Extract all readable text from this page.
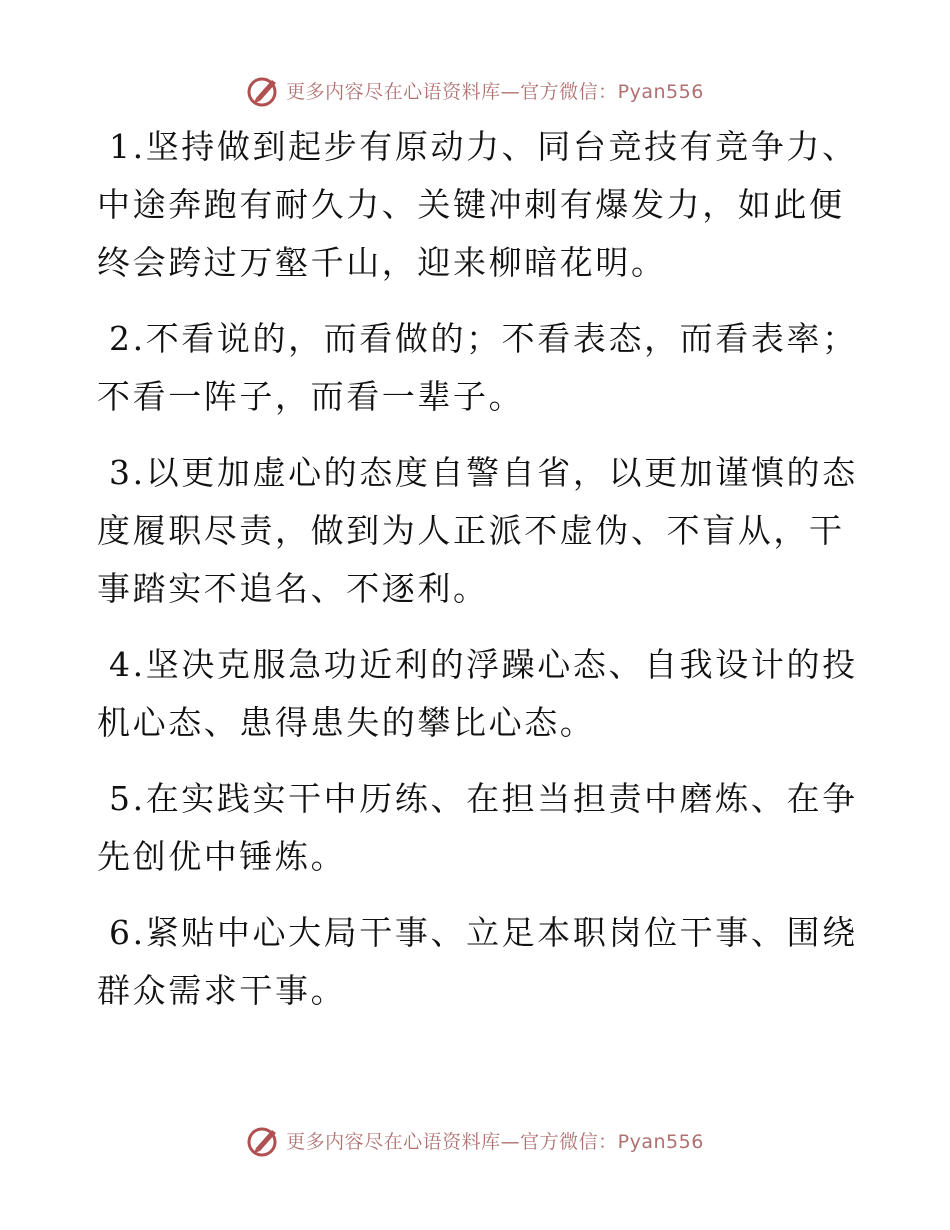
更多内容尽在心语资料库—官方微信：Pyan556

1.坚持做到起步有原动力、同台竞技有竞争力、中途奔跑有耐久力、关键冲刺有爆发力，如此便终会跨过万壑千山，迎来柳暗花明。

2.不看说的，而看做的；不看表态，而看表率；不看一阵子，而看一辈子。

3.以更加虚心的态度自警自省，以更加谨慎的态度履职尽责，做到为人正派不虚伪、不盲从，干事踏实不追名、不逐利。

4.坚决克服急功近利的浮躁心态、自我设计的投机心态、患得患失的攀比心态。

5.在实践实干中历练、在担当担责中磨炼、在争先创优中锤炼。

6.紧贴中心大局干事、立足本职岗位干事、围绕群众需求干事。

更多内容尽在心语资料库—官方微信：Pyan556
